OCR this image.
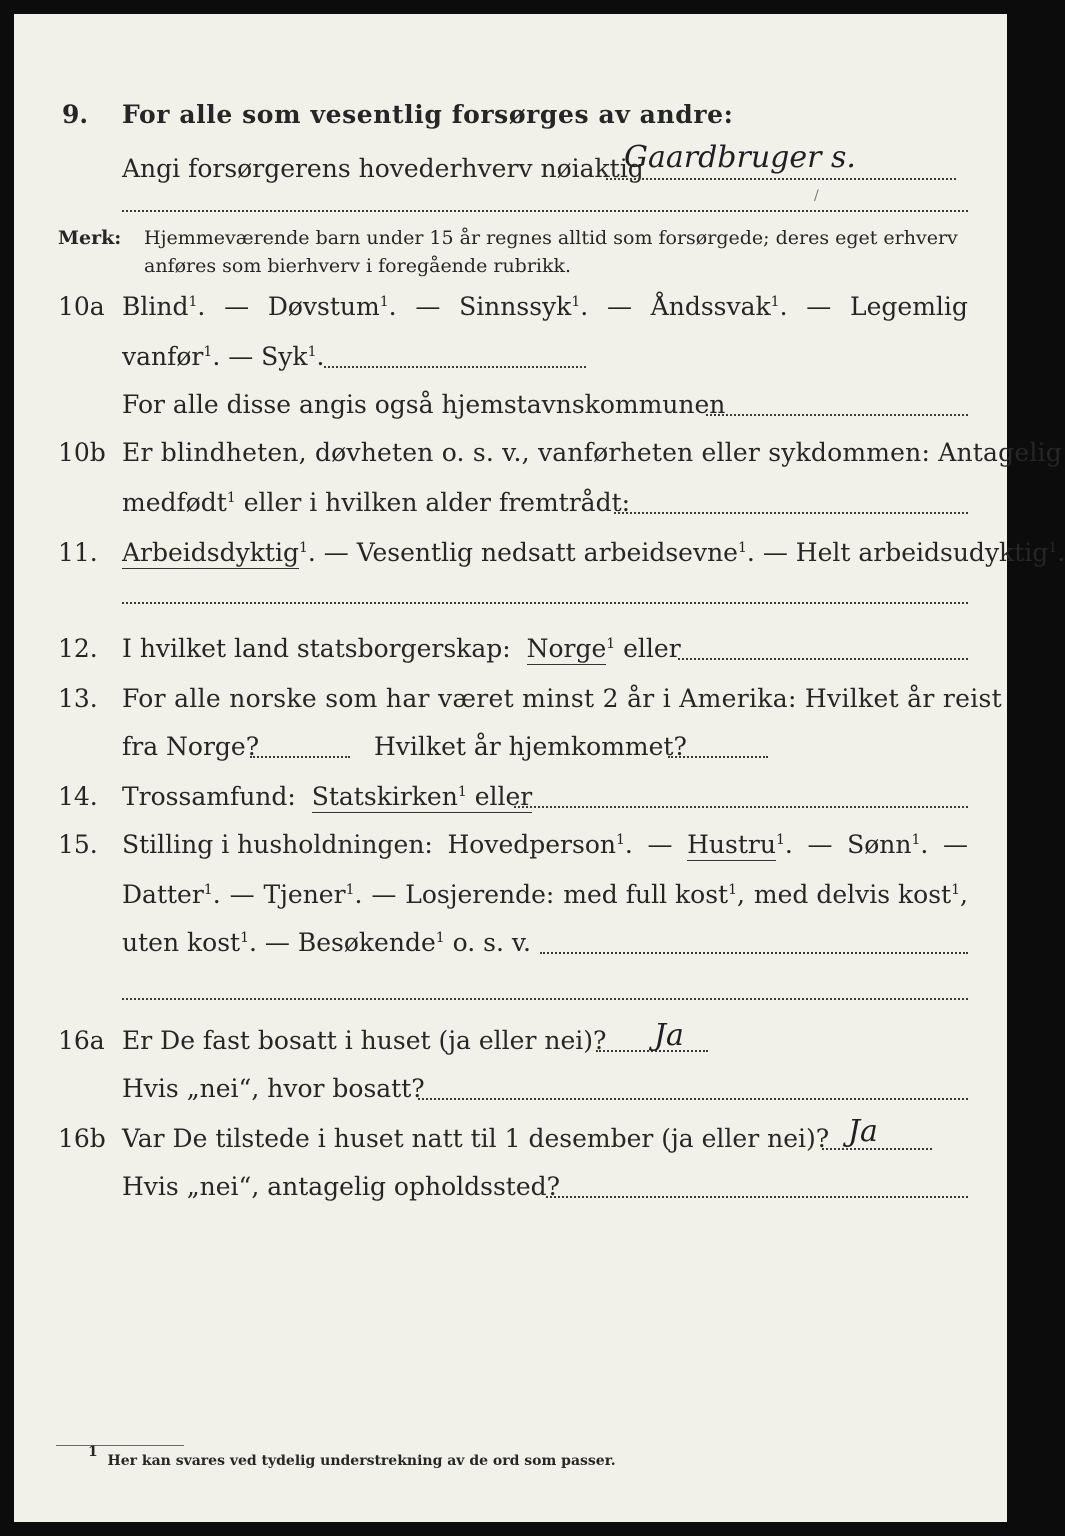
9. For alle som vesentlig forsørges av andre:
Angi forsørgerens hovederhverv nøiaktig
Gaardbruger s.
/
Merk: Hjemmeværende barn under 15 år regnes alltid som forsørgede; deres eget erhverv
anføres som bierhverv i foregående rubrikk.
10a Blind$^1$. — Døvstum$^1$. — Sinnssyk$^1$. — Åndssvak$^1$. — Legemlig
vanfør$^1$. — Syk$^1$.
For alle disse angis også hjemstavnskommunen
10b Er blindheten, døvheten o. s. v., vanførheten eller sykdommen: Antagelig
medfødt$^1$ eller i hvilken alder fremtrådt:
11. Arbeidsdyktig$^1$. — Vesentlig nedsatt arbeidsevne$^1$. — Helt arbeidsudyktig$^1$.
12. I hvilket land statsborgerskap: Norge$^1$ eller
13. For alle norske som har været minst 2 år i Amerika: Hvilket år reist
fra Norge?	Hvilket år hjemkommet?
14. Trossamfund: Statskirken$^1$ eller
15. Stilling i husholdningen: Hovedperson$^1$. — Hustru$^1$. — Sønn$^1$. —
Datter$^1$. — Tjener$^1$. — Losjerende: med full kost$^1$, med delvis kost$^1$,
uten kost$^1$. — Besøkende$^1$ o. s. v.
16a Er De fast bosatt i huset (ja eller nei)? Ja
Hvis „nei“, hvor bosatt?
16b Var De tilstede i huset natt til 1 desember (ja eller nei)? Ja
Hvis „nei“, antagelig opholdssted?
$^1$  Her kan svares ved tydelig understrekning av de ord som passer.
